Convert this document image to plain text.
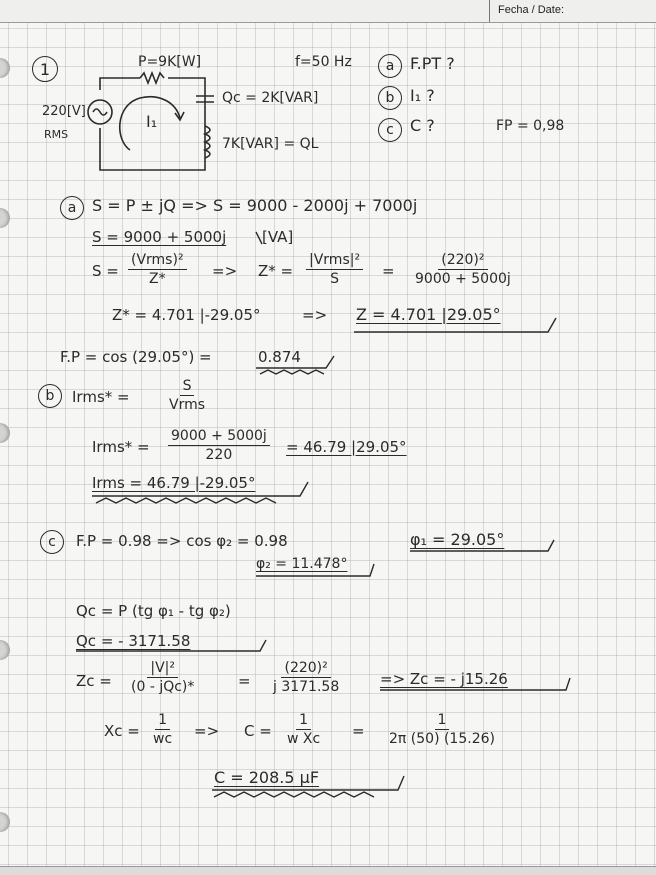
Fecha / Date:
1	P=9K[W]	f=50 Hz
220[V]
RMS
I₁
Qc = 2K[VAR]
7K[VAR] = QL
a F.PT ?
b I₁ ?
c	C ?	FP = 0,98
a S = P ± jQ => S = 9000 - 2000j + 7000j
S = 9000 + 5000j [VA]
S =
(Vrms)²
Z*	=> Z* =
|Vrms|²
S	= $\frac{\text{(220)²}}{9000 + 5000j}$
Z* = 4.701 |-29.05°	=> Z = 4.701 |29.05°
F.P = cos (29.05°) =	0.874
b	Irms* =
S
Vrms
Irms* = $\frac{9000 + 5000j}{220} = 46.79$ |29.05°
Irms = 46.79 |-29.05°
c	F.P = 0.98 => cos φ₂ = 0.98	φ₁ = 29.05°
φ₂ = 11.478°
Qc = P (tg φ₁ - tg φ₂)
Qc = - 3171.58
Zc =
|V|²
(0 - jQc)*	= $\frac{\text{(220)²}}{j 3171.58}$	=> Zc = - j15.26
$Xc = \frac{1}{wc} => C = \frac{1}{\text{w Xc}} = \frac{1}{2\pi (50) (15.26)}$
C = 208.5 μF
